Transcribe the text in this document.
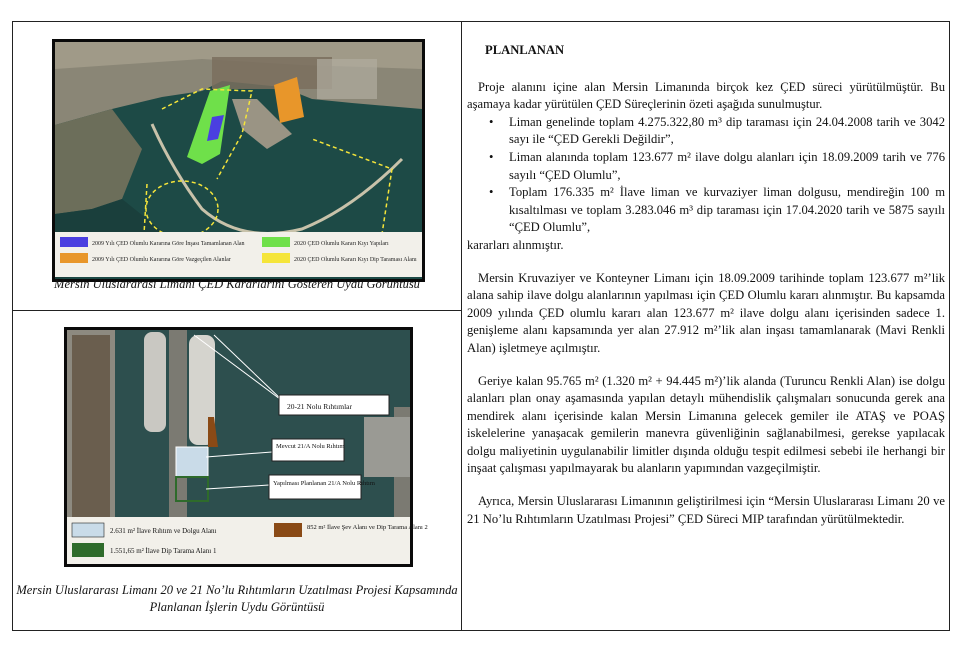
2009 Yılı ÇED Olumlu Kararına Göre İnşası Tamamlanan Alan
2009 Yılı ÇED Olumlu Kararına Göre Vazgeçilen Alanlar
2020 ÇED Olumlu Kararı Kıyı Yapıları
2020 ÇED Olumlu Kararı Kıyı Dip Taraması Alanı
Mersin Uluslararası Limanı ÇED Kararlarını Gösteren Uydu Görüntüsü
20-21 Nolu Rıhtımlar
Mevcut 21/A Nolu Rıhtım
Yapılması Planlanan 21/A Nolu Rıhtım
2.631 m² İlave Rıhtım ve Dolgu Alanı
1.551,65 m² İlave Dip Tarama Alanı 1
852 m² İlave Şev Alanı ve Dip Tarama Alanı 2
Mersin Uluslararası Limanı 20 ve 21 No’lu Rıhtımların Uzatılması Projesi Kapsamında Planlanan İşlerin Uydu Görüntüsü
PLANLANAN

Proje alanını içine alan Mersin Limanında birçok kez ÇED süreci yürütülmüştür. Bu aşamaya kadar yürütülen ÇED Süreçlerinin özeti aşağıda sunulmuştur.

• Liman genelinde toplam 4.275.322,80 m³ dip taraması için 24.04.2008 tarih ve 3042 sayı ile “ÇED Gerekli Değildir”,
• Liman alanında toplam 123.677 m² ilave dolgu alanları için 18.09.2009 tarih ve 776 sayılı “ÇED Olumlu”,
• Toplam 176.335 m² İlave liman ve kurvaziyer liman dolgusu, mendireğin 100 m kısaltılması ve toplam 3.283.046 m³ dip taraması için 17.04.2020 tarih ve 5875 sayılı “ÇED Olumlu”,

kararları alınmıştır.

Mersin Kruvaziyer ve Konteyner Limanı için 18.09.2009 tarihinde toplam 123.677 m²’lik alana sahip ilave dolgu alanlarının yapılması için ÇED Olumlu kararı alınmıştır. Bu kapsamda 2009 yılında ÇED olumlu kararı alan 123.677 m² ilave dolgu alanı içerisinden sadece 1. genişleme alanı kapsamında yer alan 27.912 m²’lik alan inşası tamamlanarak (Mavi Renkli Alan) işletmeye açılmıştır.

Geriye kalan 95.765 m² (1.320 m² + 94.445 m²)’lik alanda (Turuncu Renkli Alan) ise dolgu alanları plan onay aşamasında yapılan detaylı mühendislik çalışmaları sonucunda gerek ana mendirek alanı içerisinde kalan Mersin Limanına gelecek gemiler ile ATAŞ ve POAŞ iskelelerine yanaşacak gemilerin manevra güvenliğinin sağlanabilmesi, gerekse yapılacak dolgu maliyetinin uygulanabilir limitler dışında olduğu tespit edilmesi sebebi ile herhangi bir inşaat çalışması yapılmayarak bu alanların yapımından vazgeçilmiştir.

Ayrıca, Mersin Uluslararası Limanının geliştirilmesi için “Mersin Uluslararası Limanı 20 ve 21 No’lu Rıhtımların Uzatılması Projesi” ÇED Süreci MIP tarafından yürütülmektedir.
